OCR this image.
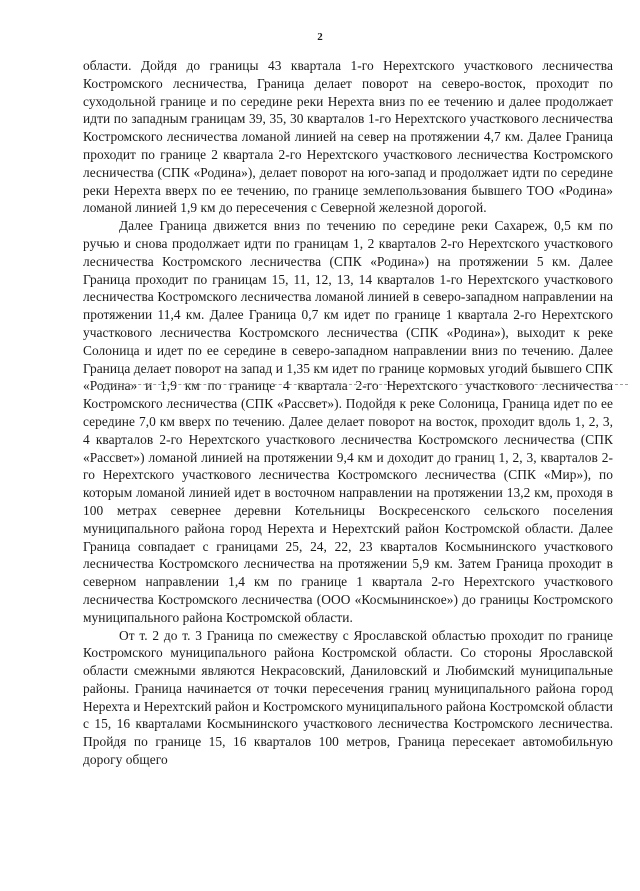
2

области. Дойдя до границы 43 квартала 1-го Нерехтского участкового лесничества Костромского лесничества, Граница делает поворот на северо-восток, проходит по суходольной границе и по середине реки Нерехта вниз по ее течению и далее продолжает идти по западным границам 39, 35, 30 кварталов 1-го Нерехтского участкового лесничества Костромского лесничества ломаной линией на север на протяжении 4,7 км. Далее Граница проходит по границе 2 квартала 2-го Нерехтского участкового лесничества Костромского лесничества (СПК «Родина»), делает поворот на юго-запад и продолжает идти по середине реки Нерехта вверх по ее течению, по границе землепользования бывшего ТОО «Родина» ломаной линией 1,9 км до пересечения с Северной железной дорогой.

Далее Граница движется вниз по течению по середине реки Сахареж, 0,5 км по ручью и снова продолжает идти по границам 1, 2 кварталов 2-го Нерехтского участкового лесничества Костромского лесничества (СПК «Родина») на протяжении 5 км. Далее Граница проходит по границам 15, 11, 12, 13, 14 кварталов 1-го Нерехтского участкового лесничества Костромского лесничества ломаной линией в северо-западном направлении на протяжении 11,4 км. Далее Граница 0,7 км идет по границе 1 квартала 2-го Нерехтского участкового лесничества Костромского лесничества (СПК «Родина»), выходит к реке Солоница и идет по ее середине в северо-западном направлении вниз по течению. Далее Граница делает поворот на запад и 1,35 км идет по границе кормовых угодий бывшего СПК «Родина» и 1,9 км по границе 4 квартала 2-го Нерехтского участкового лесничества Костромского лесничества (СПК «Рассвет»). Подойдя к реке Солоница, Граница идет по ее середине 7,0 км вверх по течению. Далее делает поворот на восток, проходит вдоль 1, 2, 3, 4 кварталов 2-го Нерехтского участкового лесничества Костромского лесничества (СПК «Рассвет») ломаной линией на протяжении 9,4 км и доходит до границ 1, 2, 3, кварталов 2-го Нерехтского участкового лесничества Костромского лесничества (СПК «Мир»), по которым ломаной линией идет в восточном направлении на протяжении 13,2 км, проходя в 100 метрах севернее деревни Котельницы Воскресенского сельского поселения муниципального района город Нерехта и Нерехтский район Костромской области. Далее Граница совпадает с границами 25, 24, 22, 23 кварталов Космынинского участкового лесничества Костромского лесничества на протяжении 5,9 км. Затем Граница проходит в северном направлении 1,4 км по границе 1 квартала 2-го Нерехтского участкового лесничества Костромского лесничества (ООО «Космынинское») до границы Костромского муниципального района Костромской области.

От т. 2 до т. 3 Граница по смежеству с Ярославской областью проходит по границе Костромского муниципального района Костромской области. Со стороны Ярославской области смежными являются Некрасовский, Даниловский и Любимский муниципальные районы. Граница начинается от точки пересечения границ муниципального района город Нерехта и Нерехтский район и Костромского муниципального района Костромской области с 15, 16 кварталами Космынинского участкового лесничества Костромского лесничества. Пройдя по границе 15, 16 кварталов 100 метров, Граница пересекает автомобильную дорогу общего
